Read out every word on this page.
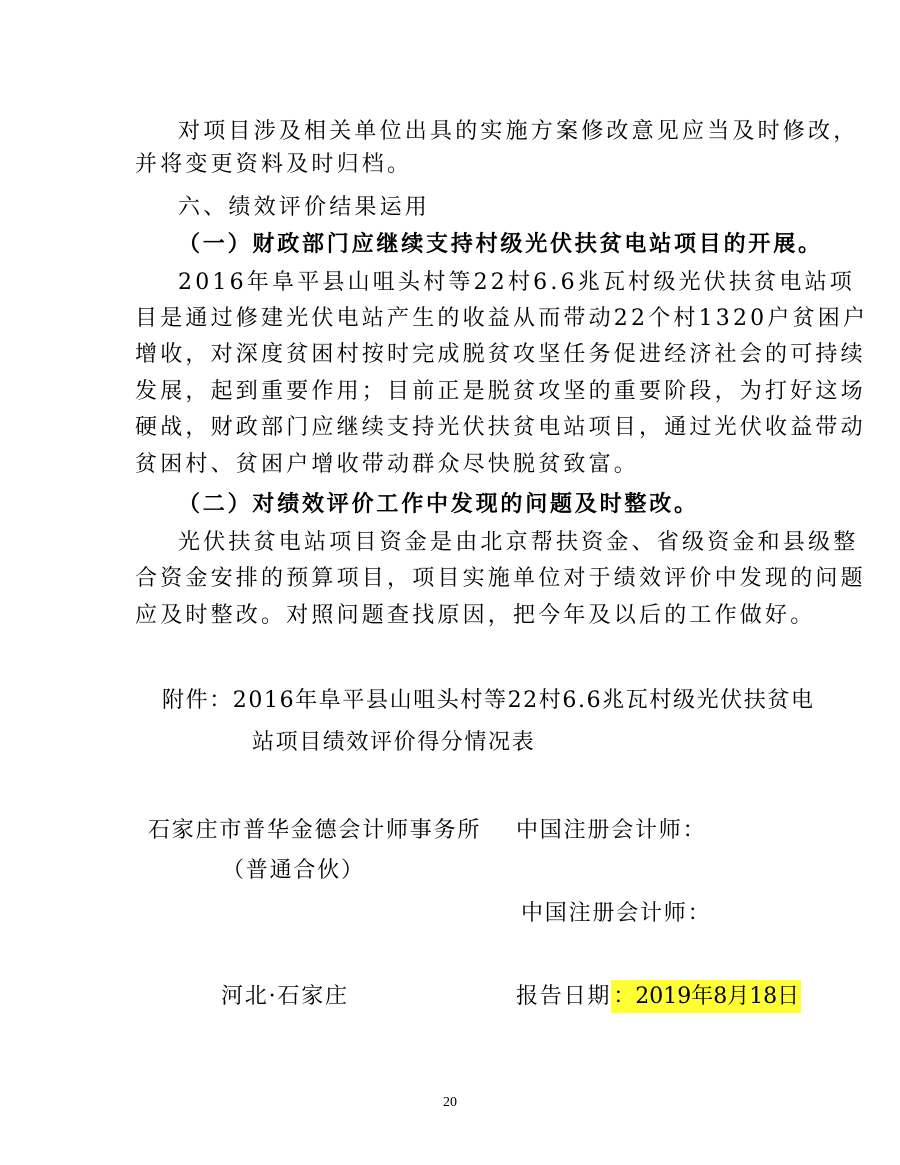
对项目涉及相关单位出具的实施方案修改意见应当及时修改，
并将变更资料及时归档。
六、绩效评价结果运用
（一）财政部门应继续支持村级光伏扶贫电站项目的开展。
2016年阜平县山咀头村等22村6.6兆瓦村级光伏扶贫电站项
目是通过修建光伏电站产生的收益从而带动22个村1320户贫困户
增收，对深度贫困村按时完成脱贫攻坚任务促进经济社会的可持续
发展，起到重要作用；目前正是脱贫攻坚的重要阶段，为打好这场
硬战，财政部门应继续支持光伏扶贫电站项目，通过光伏收益带动
贫困村、贫困户增收带动群众尽快脱贫致富。
（二）对绩效评价工作中发现的问题及时整改。
光伏扶贫电站项目资金是由北京帮扶资金、省级资金和县级整
合资金安排的预算项目，项目实施单位对于绩效评价中发现的问题
应及时整改。对照问题查找原因，把今年及以后的工作做好。
附件：2016年阜平县山咀头村等22村6.6兆瓦村级光伏扶贫电
站项目绩效评价得分情况表
石家庄市普华金德会计师事务所 中国注册会计师：
（普通合伙）
中国注册会计师：
河北·石家庄	报告日期：2019年8月18日
20
